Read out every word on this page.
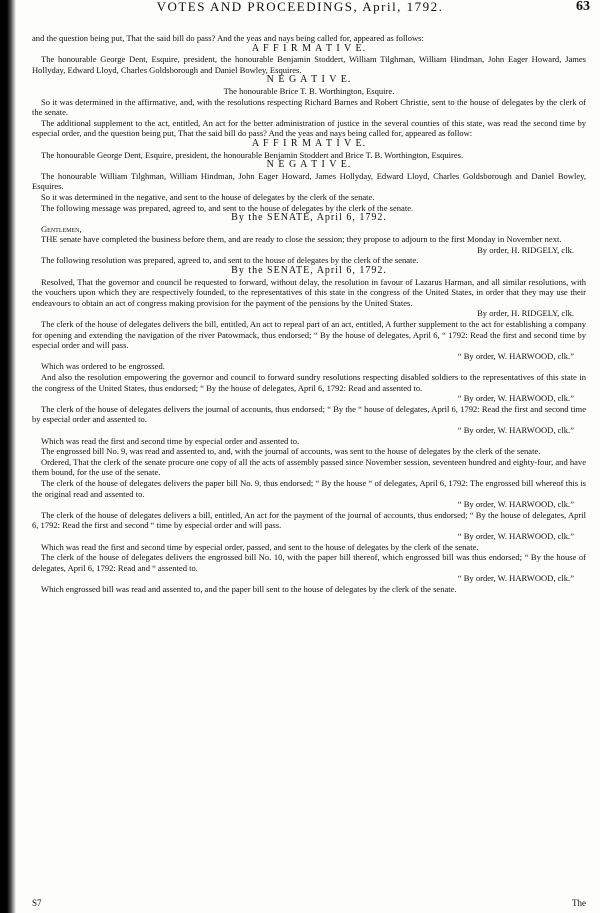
VOTES AND PROCEEDINGS, April, 1792.	63

and the question being put, That the said bill do pass? And the yeas and nays being called for, appeared as follows:

A F F I R M A T I V E.

The honourable George Dent, Esquire, president, the honourable Benjamin Stoddert, William Tilghman, William Hindman, John Eager Howard, James Hollyday, Edward Lloyd, Charles Goldsborough and Daniel Bowley, Esquires.

N E G A T I V E.

The honourable Brice T. B. Worthington, Esquire.

So it was determined in the affirmative, and, with the resolutions respecting Richard Barnes and Robert Christie, sent to the house of delegates by the clerk of the senate.

The additional supplement to the act, entitled, An act for the better administration of justice in the several counties of this state, was read the second time by especial order, and the question being put, That the said bill do pass? And the yeas and nays being called for, appeared as follow:

A F F I R M A T I V E.

The honourable George Dent, Esquire, president, the honourable Benjamin Stoddert and Brice T. B. Worthington, Esquires.

N E G A T I V E.

The honourable William Tilghman, William Hindman, John Eager Howard, James Hollyday, Edward Lloyd, Charles Goldsborough and Daniel Bowley, Esquires.

So it was determined in the negative, and sent to the house of delegates by the clerk of the senate.

The following message was prepared, agreed to, and sent to the house of delegates by the clerk of the senate.

By the SENATE, April 6, 1792.

Gentlemen,

THE senate have completed the business before them, and are ready to close the session; they propose to adjourn to the first Monday in November next.

By order, H. RIDGELY, clk.

The following resolution was prepared, agreed to, and sent to the house of delegates by the clerk of the senate.

By the SENATE, April 6, 1792.

Resolved, That the governor and council be requested to forward, without delay, the resolution in favour of Lazarus Harman, and all similar resolutions, with the vouchers upon which they are respectively founded, to the representatives of this state in the congress of the United States, in order that they may use their endeavours to obtain an act of congress making provision for the payment of the pensions by the United States.

By order, H. RIDGELY, clk.

The clerk of the house of delegates delivers the bill, entitled, An act to repeal part of an act, entitled, A further supplement to the act for establishing a company for opening and extending the navigation of the river Patowmack, thus endorsed; “ By the house of delegates, April 6, “ 1792: Read the first and second time by especial order and will pass.

“ By order, W. HARWOOD, clk.”

Which was ordered to be engrossed.

And also the resolution empowering the governor and council to forward sundry resolutions respecting disabled soldiers to the representatives of this state in the congress of the United States, thus endorsed; “ By the house of delegates, April 6, 1792: Read and assented to.

“ By order, W. HARWOOD, clk.”

The clerk of the house of delegates delivers the journal of accounts, thus endorsed; “ By the “ house of delegates, April 6, 1792: Read the first and second time by especial order and assented to.

“ By order, W. HARWOOD, clk.”

Which was read the first and second time by especial order and assented to.

The engrossed bill No. 9, was read and assented to, and, with the journal of accounts, was sent to the house of delegates by the clerk of the senate.

Ordered, That the clerk of the senate procure one copy of all the acts of assembly passed since November session, seventeen hundred and eighty-four, and have them bound, for the use of the senate.

The clerk of the house of delegates delivers the paper bill No. 9, thus endorsed; “ By the house “ of delegates, April 6, 1792: The engrossed bill whereof this is the original read and assented to.

“ By order, W. HARWOOD, clk.”

The clerk of the house of delegates delivers a bill, entitled, An act for the payment of the journal of accounts, thus endorsed; “ By the house of delegates, April 6, 1792: Read the first and second “ time by especial order and will pass.

“ By order, W. HARWOOD, clk.”

Which was read the first and second time by especial order, passed, and sent to the house of delegates by the clerk of the senate.

The clerk of the house of delegates delivers the engrossed bill No. 10, with the paper bill thereof, which engrossed bill was thus endorsed; “ By the house of delegates, April 6, 1792: Read and “ assented to.

“ By order, W. HARWOOD, clk.”

Which engrossed bill was read and assented to, and the paper bill sent to the house of delegates by the clerk of the senate.

S7	The
